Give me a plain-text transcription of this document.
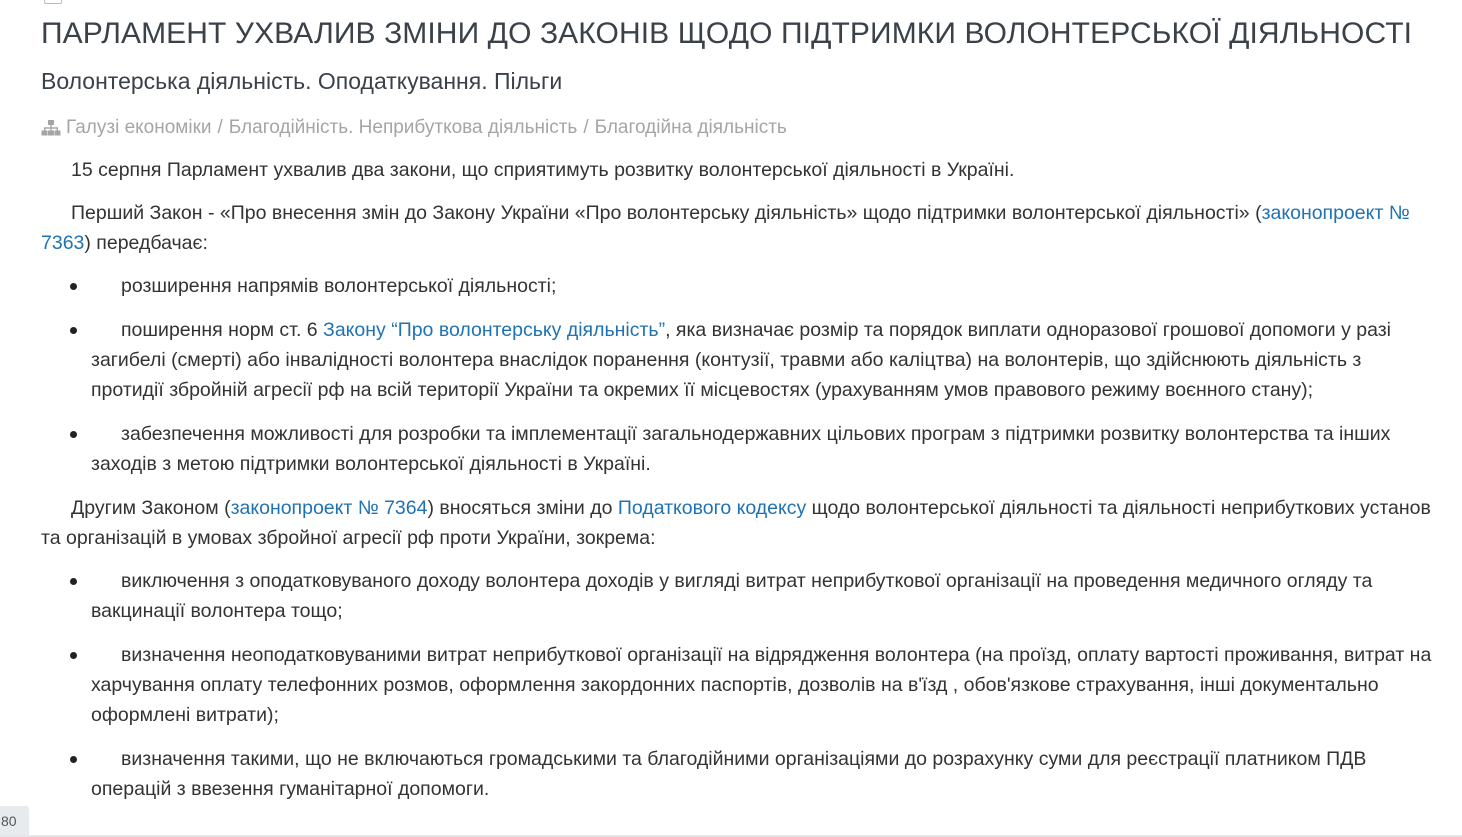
ПАРЛАМЕНТ УХВАЛИВ ЗМІНИ ДО ЗАКОНІВ ЩОДО ПІДТРИМКИ ВОЛОНТЕРСЬКОЇ ДІЯЛЬНОСТІ
Волонтерська діяльність. Оподаткування. Пільги
Галузі економіки / Благодійність. Неприбуткова діяльність / Благодійна діяльність

15 серпня Парламент ухвалив два закони, що сприятимуть розвитку волонтерської діяльності в Україні.

Перший Закон - «Про внесення змін до Закону України «Про волонтерську діяльність» щодо підтримки волонтерської діяльності» (законопроект № 7363) передбачає:

розширення напрямів волонтерської діяльності;
поширення норм ст. 6 Закону “Про волонтерську діяльність”, яка визначає розмір та порядок виплати одноразової грошової допомоги у разі загибелі (смерті) або інвалідності волонтера внаслідок поранення (контузії, травми або каліцтва) на волонтерів, що здійснюють діяльність з протидії збройній агресії рф на всій території України та окремих її місцевостях (урахуванням умов правового режиму воєнного стану);
забезпечення можливості для розробки та імплементації загальнодержавних цільових програм з підтримки розвитку волонтерства та інших заходів з метою підтримки волонтерської діяльності в Україні.

Другим Законом (законопроект № 7364) вносяться зміни до Податкового кодексу щодо волонтерської діяльності та діяльності неприбуткових установ та організацій в умовах збройної агресії рф проти України, зокрема:

виключення з оподатковуваного доходу волонтера доходів у вигляді витрат неприбуткової організації на проведення медичного огляду та вакцинації волонтера тощо;
визначення неоподатковуваними витрат неприбуткової організації на відрядження волонтера (на проїзд, оплату вартості проживання, витрат на харчування оплату телефонних розмов, оформлення закордонних паспортів, дозволів на в'їзд , обов'язкове страхування, інші документально оформлені витрати);
визначення такими, що не включаються громадськими та благодійними організаціями до розрахунку суми для реєстрації платником ПДВ операцій з ввезення гуманітарної допомоги.
80
